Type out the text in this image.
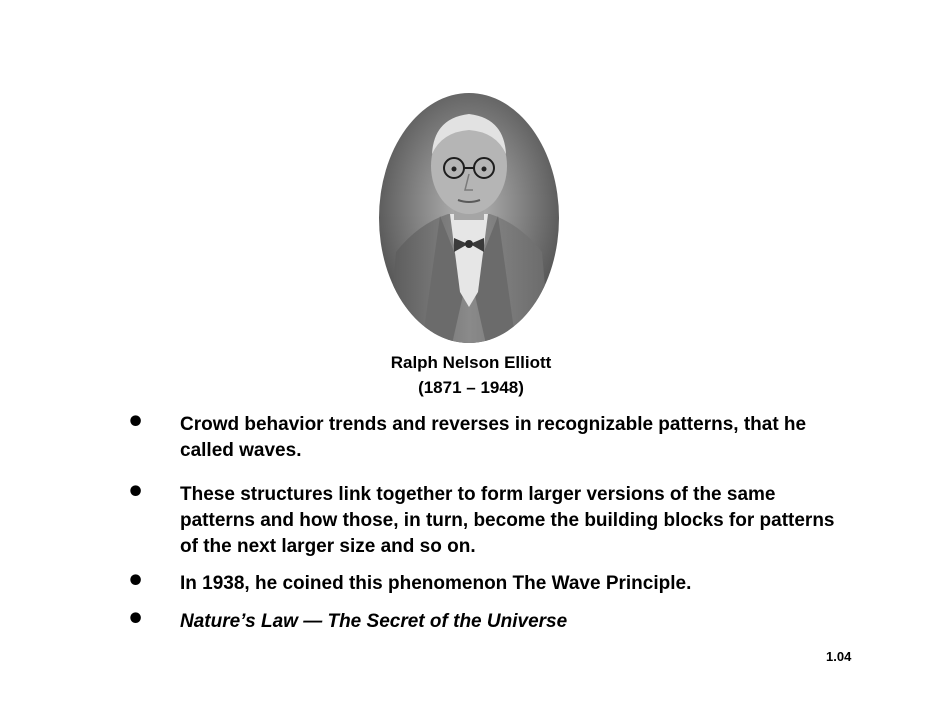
Ralph Nelson Elliott
(1871 – 1948)
• Crowd behavior trends and reverses in recognizable patterns, that he called waves.
• These structures link together to form larger versions of the same patterns and how those, in turn, become the building blocks for patterns of the next larger size and so on.
• In 1938, he coined this phenomenon The Wave Principle.
• Nature’s Law — The Secret of the Universe
1.04
